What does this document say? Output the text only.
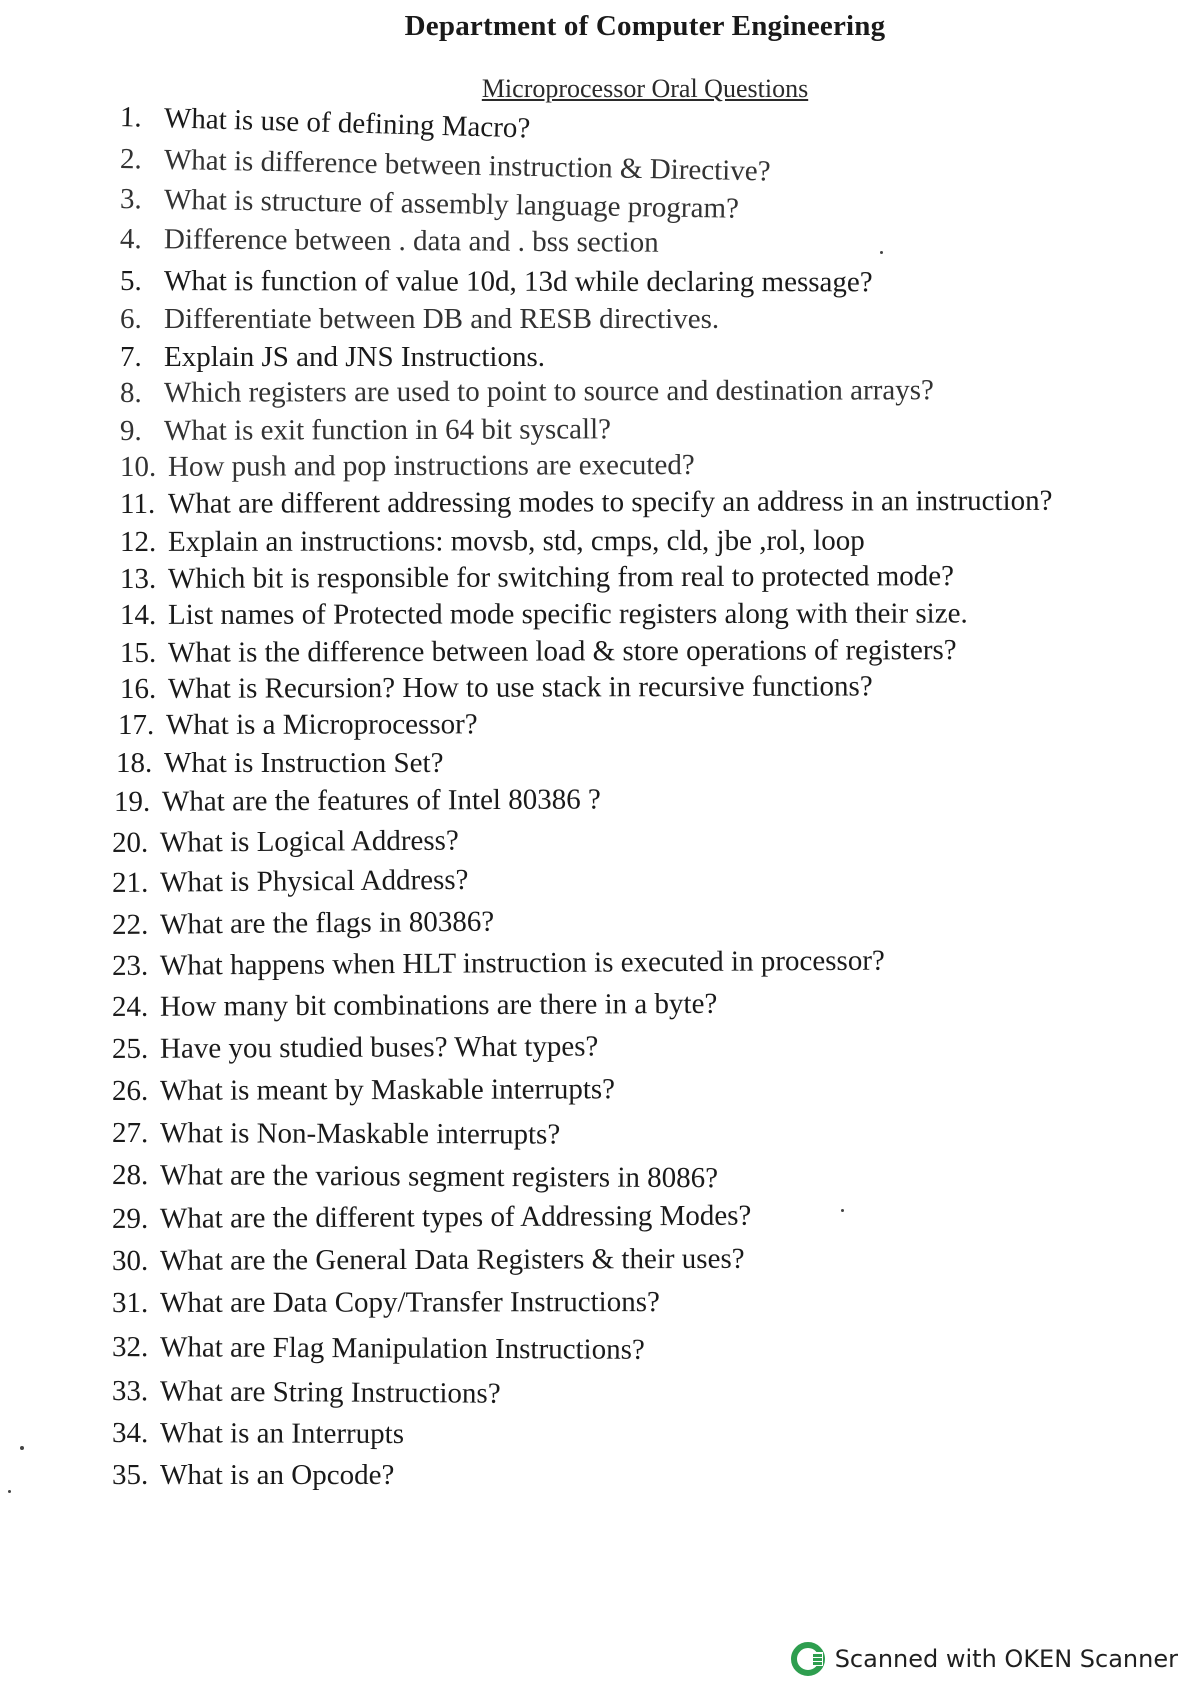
Department of Computer Engineering
Microprocessor Oral Questions
1. What is use of defining Macro?
2. What is difference between instruction & Directive?
3. What is structure of assembly language program?
4. Difference between . data and . bss section
5. What is function of value 10d, 13d while declaring message?
6. Differentiate between DB and RESB directives.
7. Explain JS and JNS Instructions.
8. Which registers are used to point to source and destination arrays?
9. What is exit function in 64 bit syscall?
10. How push and pop instructions are executed?
11. What are different addressing modes to specify an address in an instruction?
12. Explain an instructions: movsb, std, cmps, cld, jbe ,rol, loop
13. Which bit is responsible for switching from real to protected mode?
14. List names of Protected mode specific registers along with their size.
15. What is the difference between load & store operations of registers?
16. What is Recursion? How to use stack in recursive functions?
17. What is a Microprocessor?
18. What is Instruction Set?
19. What are the features of Intel 80386 ?
20. What is Logical Address?
21. What is Physical Address?
22. What are the flags in 80386?
23. What happens when HLT instruction is executed in processor?
24. How many bit combinations are there in a byte?
25. Have you studied buses? What types?
26. What is meant by Maskable interrupts?
27. What is Non-Maskable interrupts?
28. What are the various segment registers in 8086?
29. What are the different types of Addressing Modes?
30. What are the General Data Registers & their uses?
31. What are Data Copy/Transfer Instructions?
32. What are Flag Manipulation Instructions?
33. What are String Instructions?
34. What is an Interrupts
35. What is an Opcode?
Scanned with OKEN Scanner
